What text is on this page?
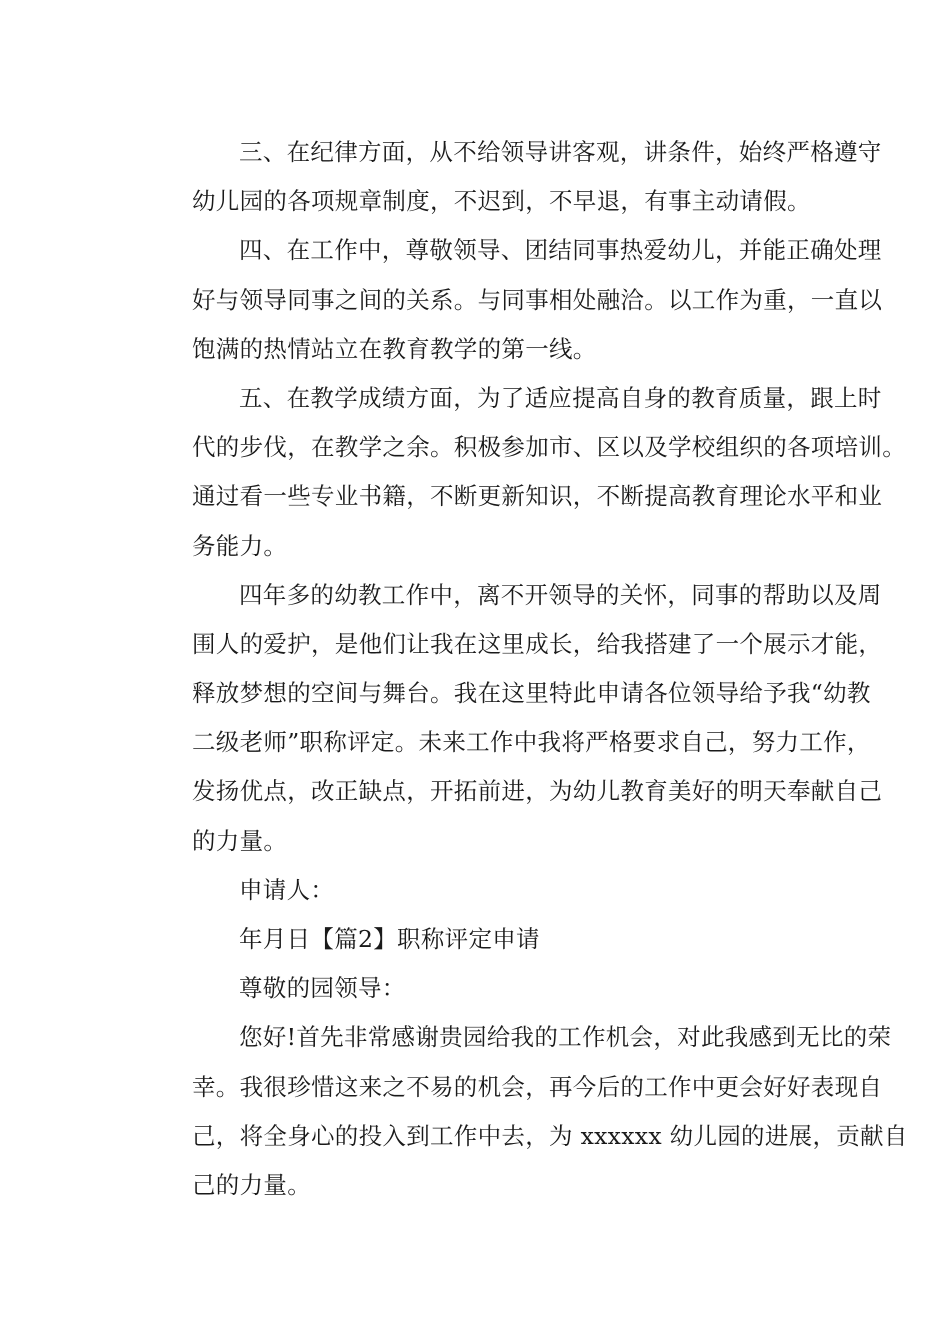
三、在纪律方面，从不给领导讲客观，讲条件，始终严格遵守
幼儿园的各项规章制度，不迟到，不早退，有事主动请假。
四、在工作中，尊敬领导、团结同事热爱幼儿，并能正确处理
好与领导同事之间的关系。与同事相处融洽。以工作为重，一直以
饱满的热情站立在教育教学的第一线。
五、在教学成绩方面，为了适应提高自身的教育质量，跟上时
代的步伐，在教学之余。积极参加市、区以及学校组织的各项培训。
通过看一些专业书籍，不断更新知识，不断提高教育理论水平和业
务能力。
四年多的幼教工作中，离不开领导的关怀，同事的帮助以及周
围人的爱护，是他们让我在这里成长，给我搭建了一个展示才能，
释放梦想的空间与舞台。我在这里特此申请各位领导给予我“幼教
二级老师”职称评定。未来工作中我将严格要求自己，努力工作，
发扬优点，改正缺点，开拓前进，为幼儿教育美好的明天奉献自己
的力量。
申请人：
年月日【篇2】职称评定申请
尊敬的园领导：
您好!首先非常感谢贵园给我的工作机会，对此我感到无比的荣
幸。我很珍惜这来之不易的机会，再今后的工作中更会好好表现自
己，将全身心的投入到工作中去，为 xxxxxx 幼儿园的进展，贡献自
己的力量。
